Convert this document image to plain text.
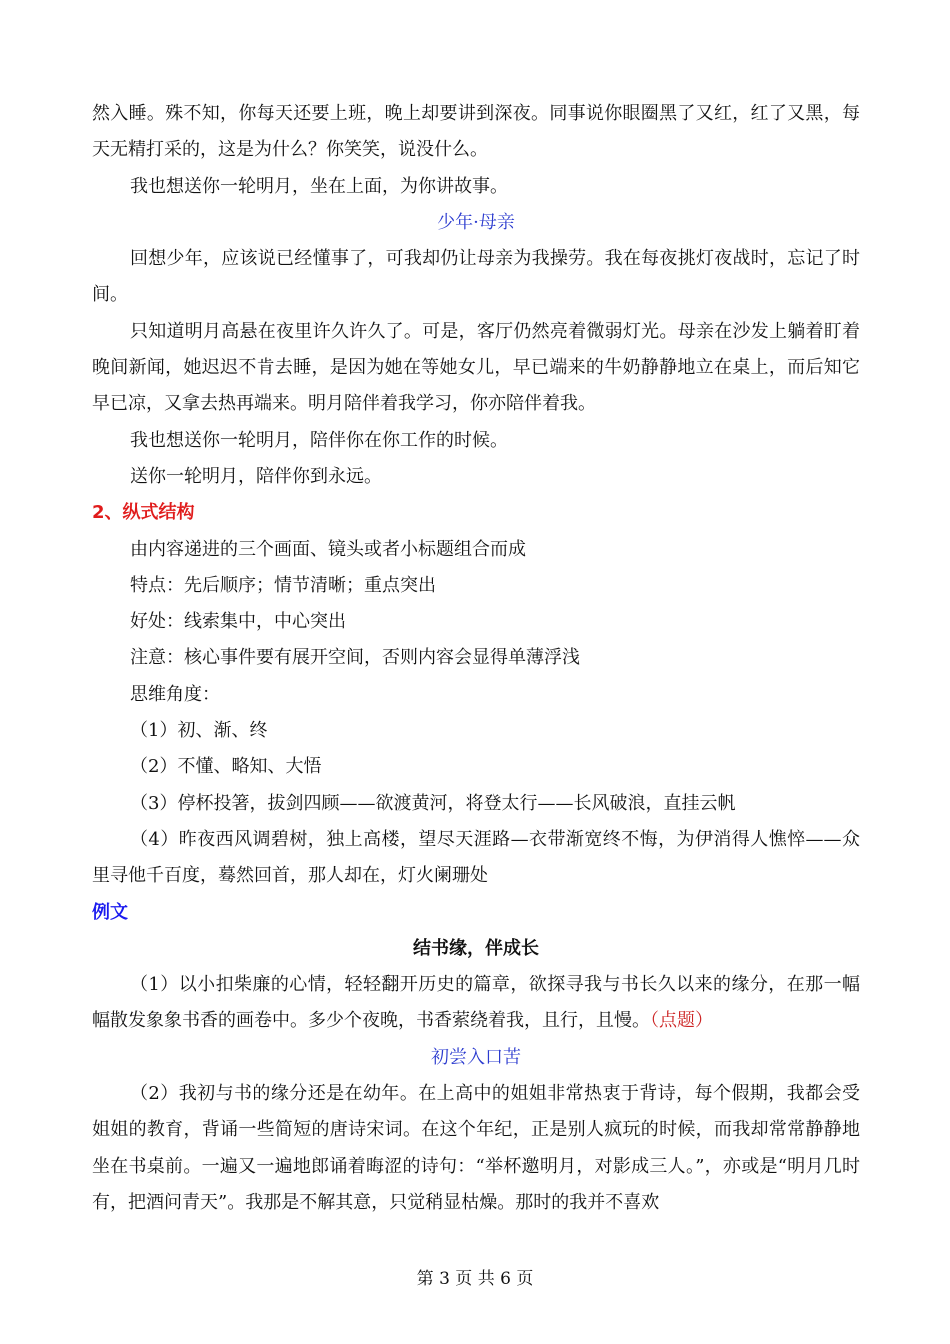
然入睡。殊不知，你每天还要上班，晚上却要讲到深夜。同事说你眼圈黑了又红，红了又黑，每天无精打采的，这是为什么？你笑笑，说没什么。

我也想送你一轮明月，坐在上面，为你讲故事。

少年·母亲

回想少年，应该说已经懂事了，可我却仍让母亲为我操劳。我在每夜挑灯夜战时，忘记了时间。

只知道明月高悬在夜里许久许久了。可是，客厅仍然亮着微弱灯光。母亲在沙发上躺着盯着晚间新闻，她迟迟不肯去睡，是因为她在等她女儿，早已端来的牛奶静静地立在桌上，而后知它早已凉，又拿去热再端来。明月陪伴着我学习，你亦陪伴着我。

我也想送你一轮明月，陪伴你在你工作的时候。

送你一轮明月，陪伴你到永远。

2、纵式结构

由内容递进的三个画面、镜头或者小标题组合而成

特点：先后顺序；情节清晰；重点突出

好处：线索集中，中心突出

注意：核心事件要有展开空间，否则内容会显得单薄浮浅

思维角度：

（1）初、渐、终

（2）不懂、略知、大悟

（3）停杯投箸，拔剑四顾——欲渡黄河，将登太行——长风破浪，直挂云帆

（4）昨夜西风调碧树，独上高楼，望尽天涯路—衣带渐宽终不悔，为伊消得人憔悴——众里寻他千百度，蓦然回首，那人却在，灯火阑珊处

例文

结书缘，伴成长

（1）以小扣柴廉的心情，轻轻翻开历史的篇章，欲探寻我与书长久以来的缘分，在那一幅幅散发象象书香的画卷中。多少个夜晚，书香萦绕着我，且行，且慢。（点题）

初尝入口苦

（2）我初与书的缘分还是在幼年。在上高中的姐姐非常热衷于背诗，每个假期，我都会受姐姐的教育，背诵一些简短的唐诗宋词。在这个年纪，正是别人疯玩的时候，而我却常常静静地坐在书桌前。一遍又一遍地郎诵着晦涩的诗句：“举杯邀明月，对影成三人。”，亦或是“明月几时有，把酒问青天”。我那是不解其意，只觉稍显枯燥。那时的我并不喜欢

第 3 页 共 6 页
